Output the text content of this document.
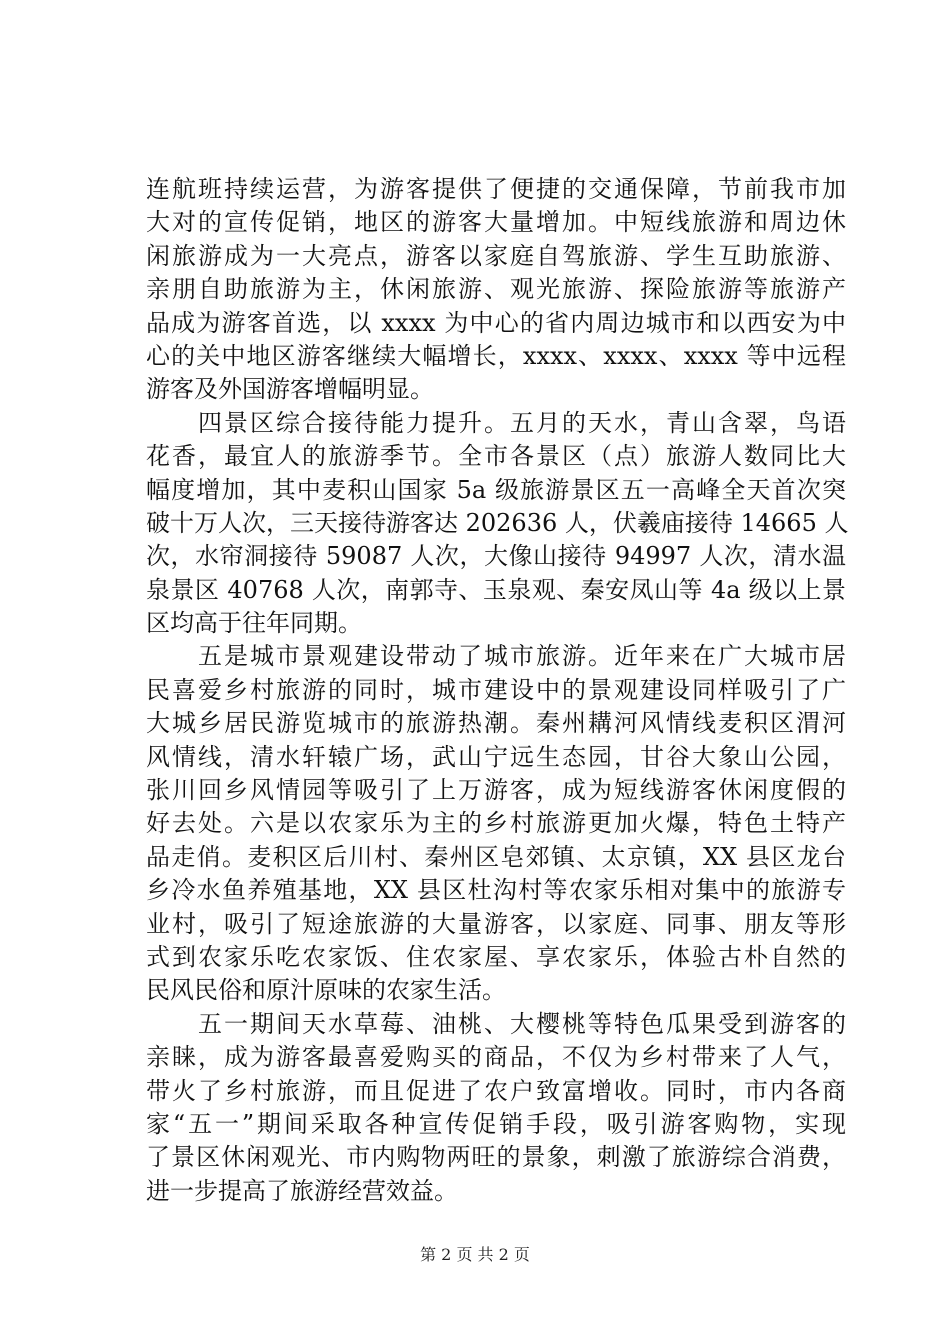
连航班持续运营，为游客提供了便捷的交通保障，节前我市加
大对的宣传促销，地区的游客大量增加。中短线旅游和周边休
闲旅游成为一大亮点，游客以家庭自驾旅游、学生互助旅游、
亲朋自助旅游为主，休闲旅游、观光旅游、探险旅游等旅游产
品成为游客首选，以 xxxx 为中心的省内周边城市和以西安为中
心的关中地区游客继续大幅增长，xxxx、xxxx、xxxx 等中远程
游客及外国游客增幅明显。
　　四景区综合接待能力提升。五月的天水，青山含翠，鸟语
花香，最宜人的旅游季节。全市各景区（点）旅游人数同比大
幅度增加，其中麦积山国家 5a 级旅游景区五一高峰全天首次突
破十万人次，三天接待游客达 202636 人，伏羲庙接待 14665 人
次，水帘洞接待 59087 人次，大像山接待 94997 人次，清水温
泉景区 40768 人次，南郭寺、玉泉观、秦安凤山等 4a 级以上景
区均高于往年同期。
　　五是城市景观建设带动了城市旅游。近年来在广大城市居
民喜爱乡村旅游的同时，城市建设中的景观建设同样吸引了广
大城乡居民游览城市的旅游热潮。秦州耩河风情线麦积区渭河
风情线，清水轩辕广场，武山宁远生态园，甘谷大象山公园，
张川回乡风情园等吸引了上万游客，成为短线游客休闲度假的
好去处。六是以农家乐为主的乡村旅游更加火爆，特色土特产
品走俏。麦积区后川村、秦州区皂郊镇、太京镇，XX 县区龙台
乡冷水鱼养殖基地，XX 县区杜沟村等农家乐相对集中的旅游专
业村，吸引了短途旅游的大量游客，以家庭、同事、朋友等形
式到农家乐吃农家饭、住农家屋、享农家乐，体验古朴自然的
民风民俗和原汁原味的农家生活。
　　五一期间天水草莓、油桃、大樱桃等特色瓜果受到游客的
亲睐，成为游客最喜爱购买的商品，不仅为乡村带来了人气，
带火了乡村旅游，而且促进了农户致富增收。同时，市内各商
家“五一”期间采取各种宣传促销手段，吸引游客购物，实现
了景区休闲观光、市内购物两旺的景象，刺激了旅游综合消费，
进一步提高了旅游经营效益。
第 2 页 共 2 页
